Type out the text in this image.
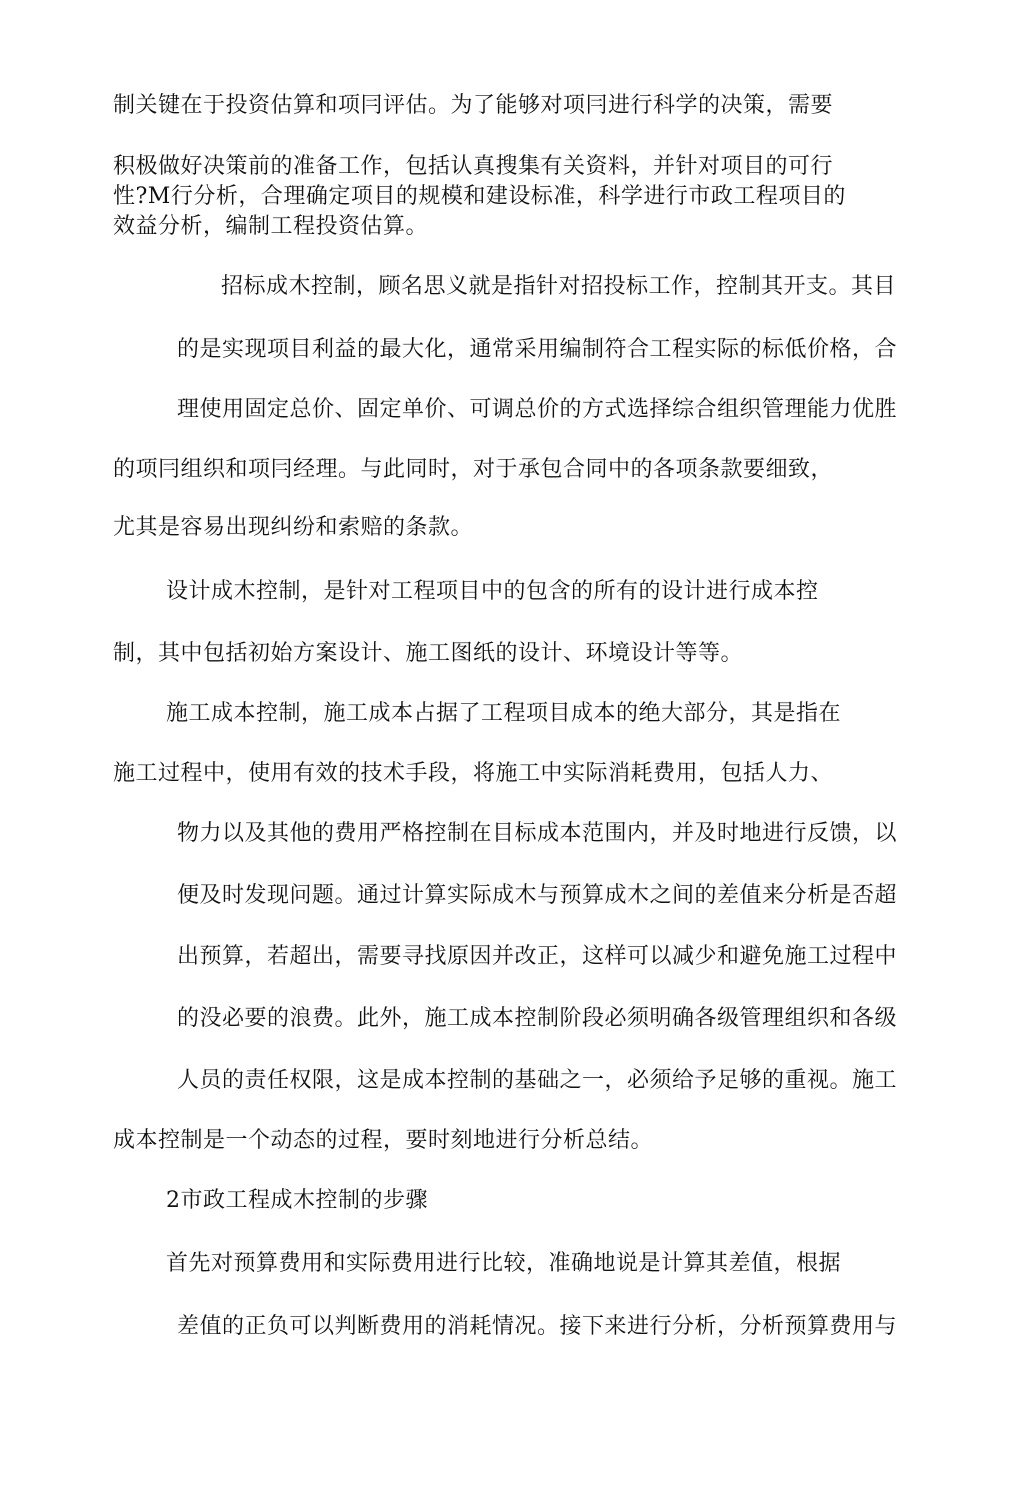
制关键在于投资估算和项冃评估。为了能够对项冃进行科学的决策，需要
积极做好决策前的准备工作，包括认真搜集有关资料，并针对项目的可行
性?M行分析，合理确定项目的规模和建设标准，科学进行市政工程项目的
效益分析，编制工程投资估算。
招标成木控制，顾名思义就是指针对招投标工作，控制其开支。其目
的是实现项目利益的最大化，通常采用编制符合工程实际的标低价格，合
理使用固定总价、固定单价、可调总价的方式选择综合组织管理能力优胜
的项冃组织和项冃经理。与此同时，对于承包合同中的各项条款要细致，
尤其是容易出现纠纷和索赔的条款。
设计成木控制，是针对工程项目中的包含的所有的设计进行成本控
制，其中包括初始方案设计、施工图纸的设计、环境设计等等。
施工成本控制，施工成本占据了工程项目成本的绝大部分，其是指在
施工过程中，使用有效的技术手段，将施工中实际消耗费用，包括人力、
物力以及其他的费用严格控制在目标成本范围内，并及时地进行反馈，以
便及时发现问题。通过计算实际成木与预算成木之间的差值来分析是否超
出预算，若超出，需要寻找原因并改正，这样可以减少和避免施工过程中
的没必要的浪费。此外，施工成本控制阶段必须明确各级管理组织和各级
人员的责任权限，这是成本控制的基础之一，必须给予足够的重视。施工
成本控制是一个动态的过程，要时刻地进行分析总结。
2市政工程成木控制的步骤
首先对预算费用和实际费用进行比较，准确地说是计算其差值，根据
差值的正负可以判断费用的消耗情况。接下来进行分析，分析预算费用与
